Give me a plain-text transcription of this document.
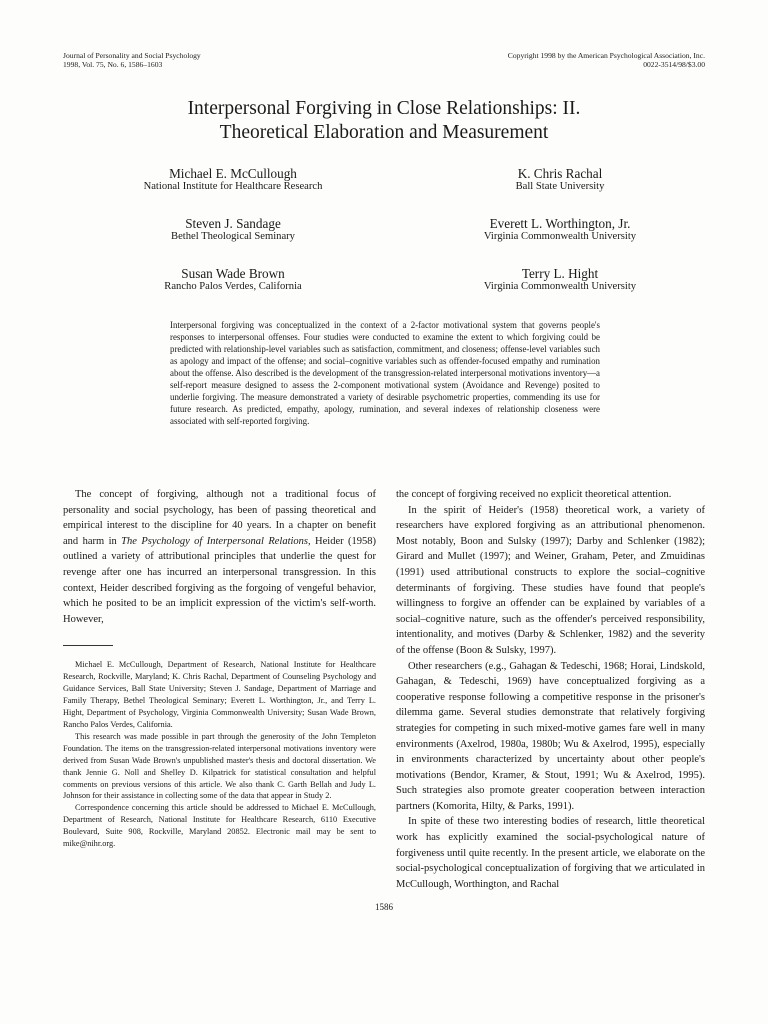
Journal of Personality and Social Psychology
1998, Vol. 75, No. 6, 1586–1603
Copyright 1998 by the American Psychological Association, Inc.
0022-3514/98/$3.00
Interpersonal Forgiving in Close Relationships: II.
Theoretical Elaboration and Measurement
Michael E. McCullough
National Institute for Healthcare Research
K. Chris Rachal
Ball State University
Steven J. Sandage
Bethel Theological Seminary
Everett L. Worthington, Jr.
Virginia Commonwealth University
Susan Wade Brown
Rancho Palos Verdes, California
Terry L. Hight
Virginia Commonwealth University
Interpersonal forgiving was conceptualized in the context of a 2-factor motivational system that governs people's responses to interpersonal offenses. Four studies were conducted to examine the extent to which forgiving could be predicted with relationship-level variables such as satisfaction, commitment, and closeness; offense-level variables such as apology and impact of the offense; and social–cognitive variables such as offender-focused empathy and rumination about the offense. Also described is the development of the transgression-related interpersonal motivations inventory—a self-report measure designed to assess the 2-component motivational system (Avoidance and Revenge) posited to underlie forgiving. The measure demonstrated a variety of desirable psychometric properties, commending its use for future research. As predicted, empathy, apology, rumination, and several indexes of relationship closeness were associated with self-reported forgiving.

The concept of forgiving, although not a traditional focus of personality and social psychology, has been of passing theoretical and empirical interest to the discipline for 40 years. In a chapter on benefit and harm in The Psychology of Interpersonal Relations, Heider (1958) outlined a variety of attributional principles that underlie the quest for revenge after one has incurred an interpersonal transgression. In this context, Heider described forgiving as the forgoing of vengeful behavior, which he posited to be an implicit expression of the victim's self-worth. However,

Michael E. McCullough, Department of Research, National Institute for Healthcare Research, Rockville, Maryland; K. Chris Rachal, Department of Counseling Psychology and Guidance Services, Ball State University; Steven J. Sandage, Department of Marriage and Family Therapy, Bethel Theological Seminary; Everett L. Worthington, Jr., and Terry L. Hight, Department of Psychology, Virginia Commonwealth University; Susan Wade Brown, Rancho Palos Verdes, California.

This research was made possible in part through the generosity of the John Templeton Foundation. The items on the transgression-related interpersonal motivations inventory were derived from Susan Wade Brown's unpublished master's thesis and doctoral dissertation. We thank Jennie G. Noll and Shelley D. Kilpatrick for statistical consultation and helpful comments on previous versions of this article. We also thank C. Garth Bellah and Judy L. Johnson for their assistance in collecting some of the data that appear in Study 2.

Correspondence concerning this article should be addressed to Michael E. McCullough, Department of Research, National Institute for Healthcare Research, 6110 Executive Boulevard, Suite 908, Rockville, Maryland 20852. Electronic mail may be sent to mike@nihr.org.

the concept of forgiving received no explicit theoretical attention.

In the spirit of Heider's (1958) theoretical work, a variety of researchers have explored forgiving as an attributional phenomenon. Most notably, Boon and Sulsky (1997); Darby and Schlenker (1982); Girard and Mullet (1997); and Weiner, Graham, Peter, and Zmuidinas (1991) used attributional constructs to explore the social–cognitive determinants of forgiving. These studies have found that people's willingness to forgive an offender can be explained by variables of a social–cognitive nature, such as the offender's perceived responsibility, intentionality, and motives (Darby & Schlenker, 1982) and the severity of the offense (Boon & Sulsky, 1997).

Other researchers (e.g., Gahagan & Tedeschi, 1968; Horai, Lindskold, Gahagan, & Tedeschi, 1969) have conceptualized forgiving as a cooperative response following a competitive response in the prisoner's dilemma game. Several studies demonstrate that relatively forgiving strategies for competing in such mixed-motive games fare well in many environments (Axelrod, 1980a, 1980b; Wu & Axelrod, 1995), especially in environments characterized by uncertainty about other people's motivations (Bendor, Kramer, & Stout, 1991; Wu & Axelrod, 1995). Such strategies also promote greater cooperation between interaction partners (Komorita, Hilty, & Parks, 1991).

In spite of these two interesting bodies of research, little theoretical work has explicitly examined the social-psychological nature of forgiveness until quite recently. In the present article, we elaborate on the social-psychological conceptualization of forgiving that we articulated in McCullough, Worthington, and Rachal

1586
